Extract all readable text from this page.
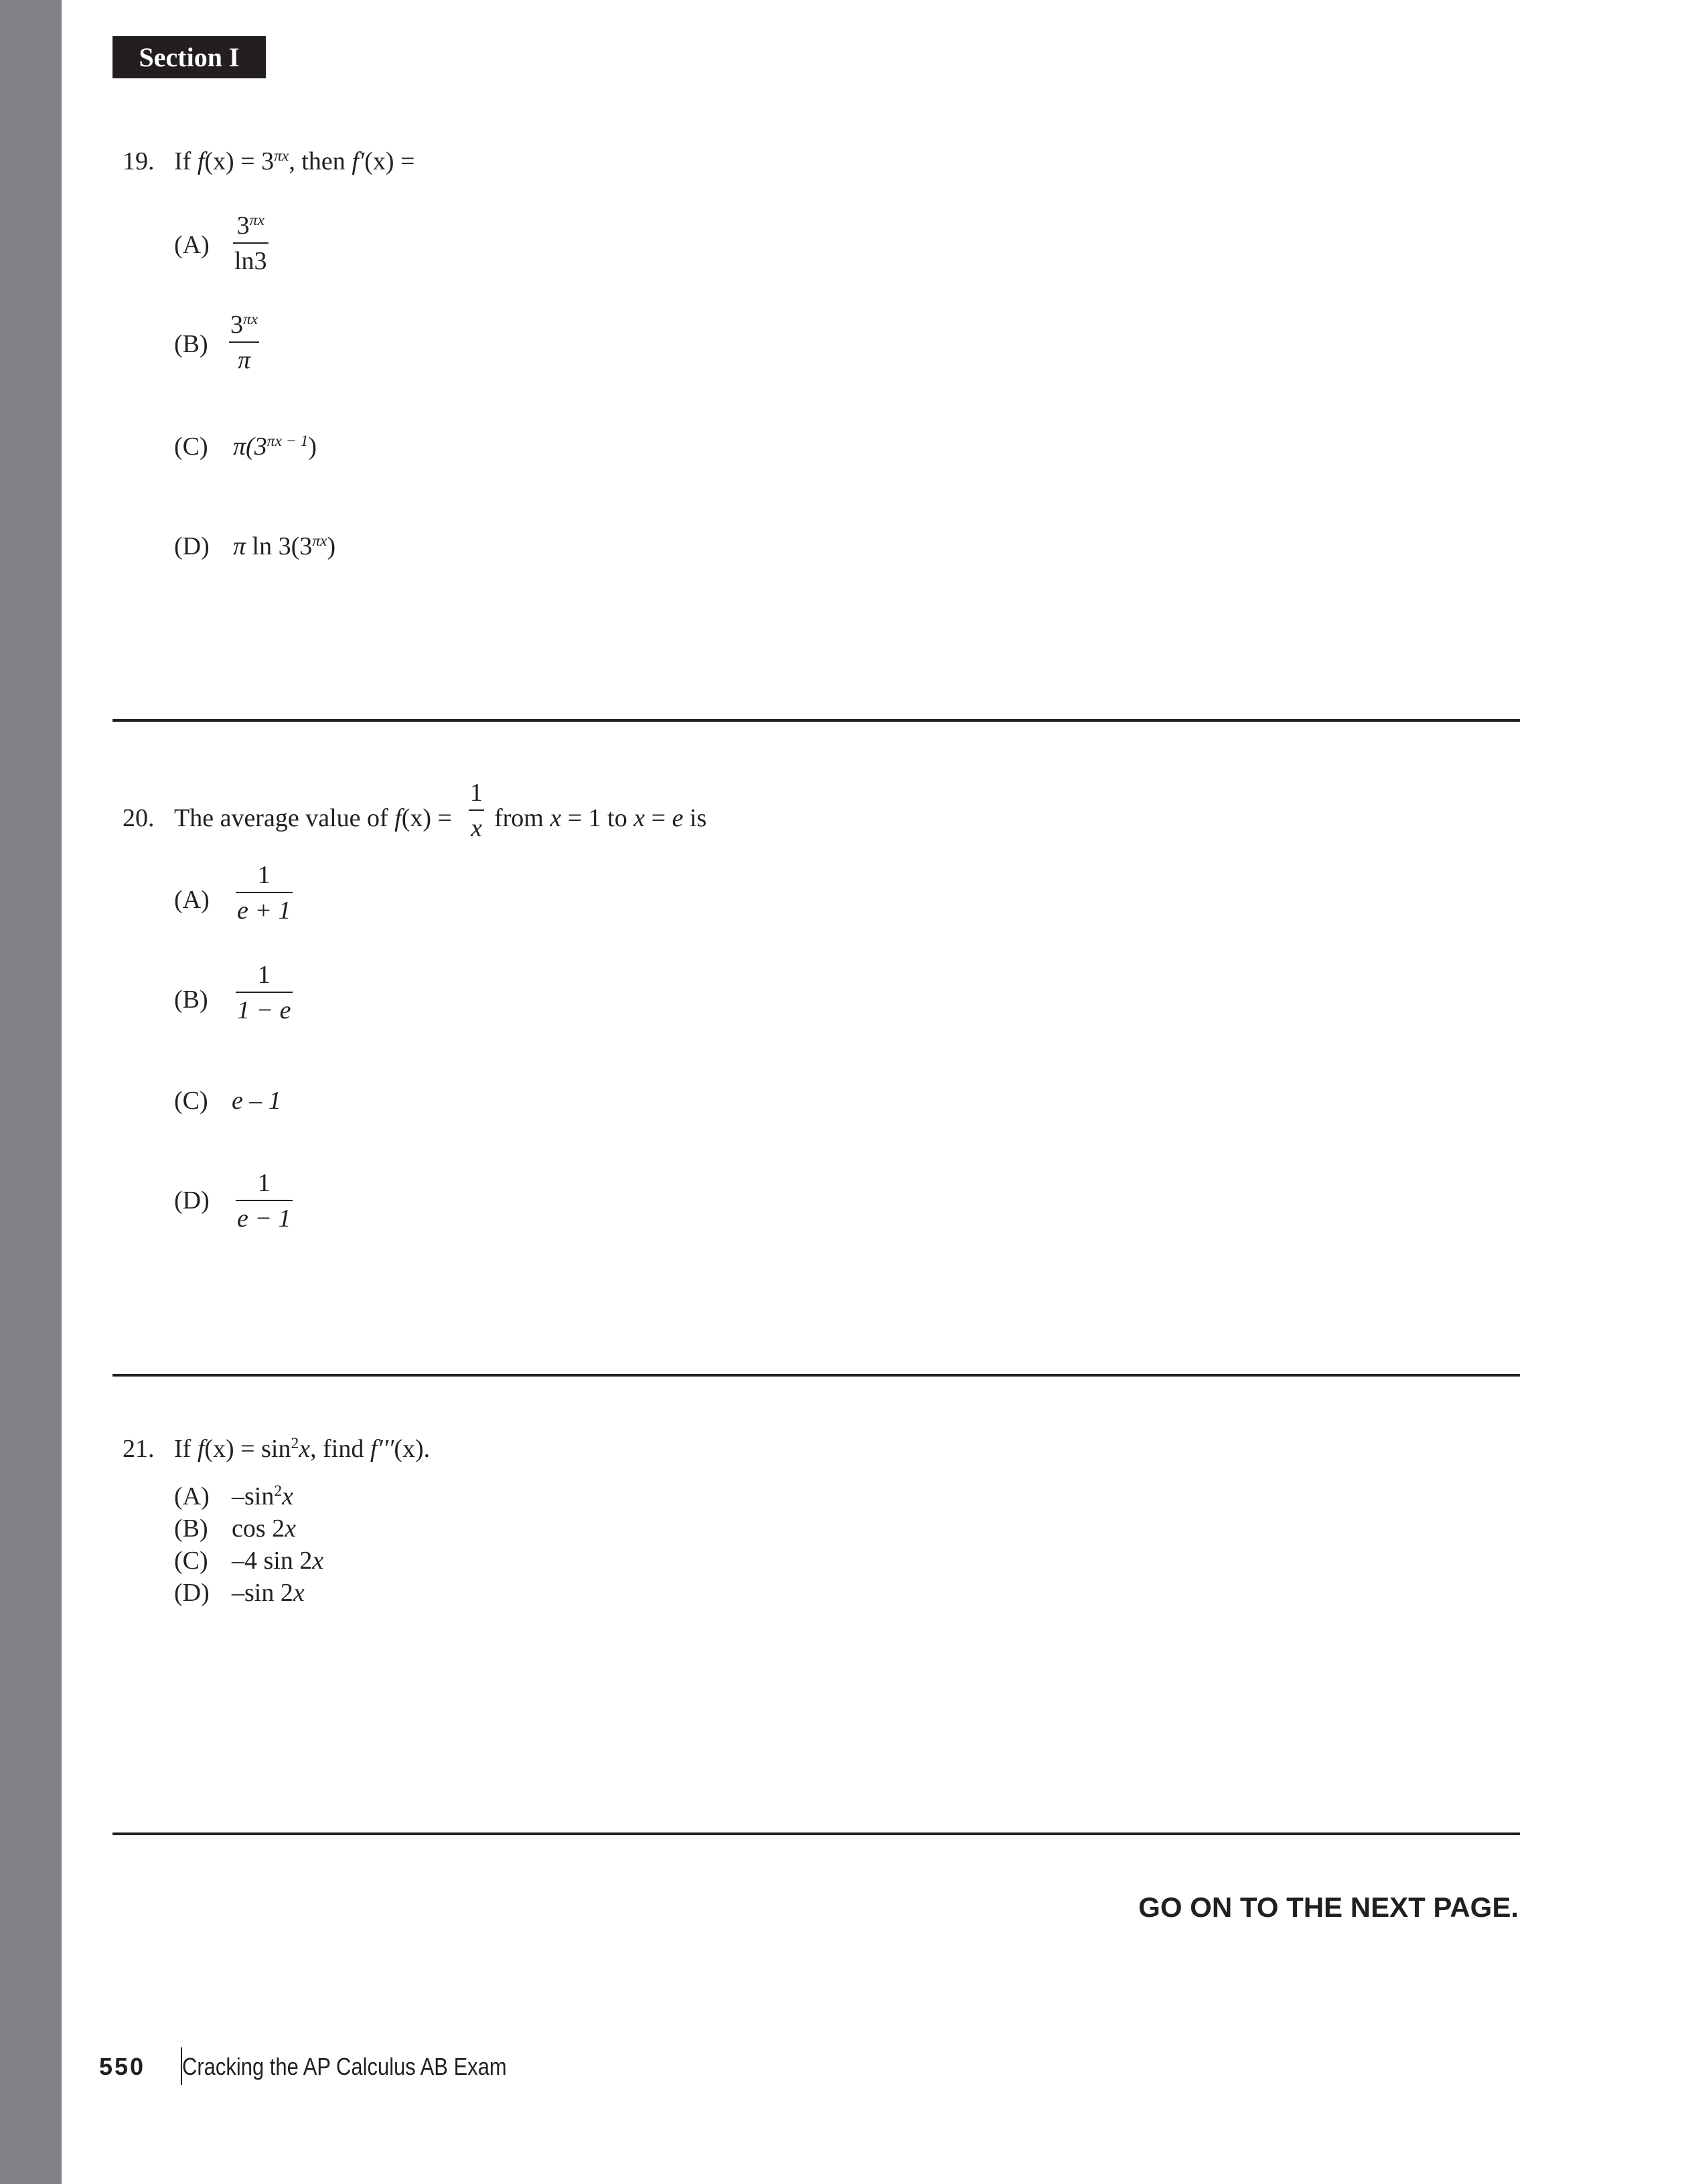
Section I
19. If $f(x) = 3^{\pi x}$, then f′(x) =
(A)
$3^{\pi x}$
ln3
(B)
$3^{\pi x}$
π
(C) $\pi(3^{\pi x - 1})$
(D) π $\ln 3(3^{\pi x})$
20. The average value of f(x) =
1
x from x = 1 to x = e is
(A)
1
e + 1
(B)
1
1 − e
(C) e – 1
(D)
1
e − 1
21. If $f(x) = \sin^2x$, find f′′′(x).
(A) $-\sin^2x$
(B) cos 2x
(C) –4 sin 2x
(D) –sin 2x
GO ON TO THE NEXT PAGE.
550 Cracking the AP Calculus AB Exam
